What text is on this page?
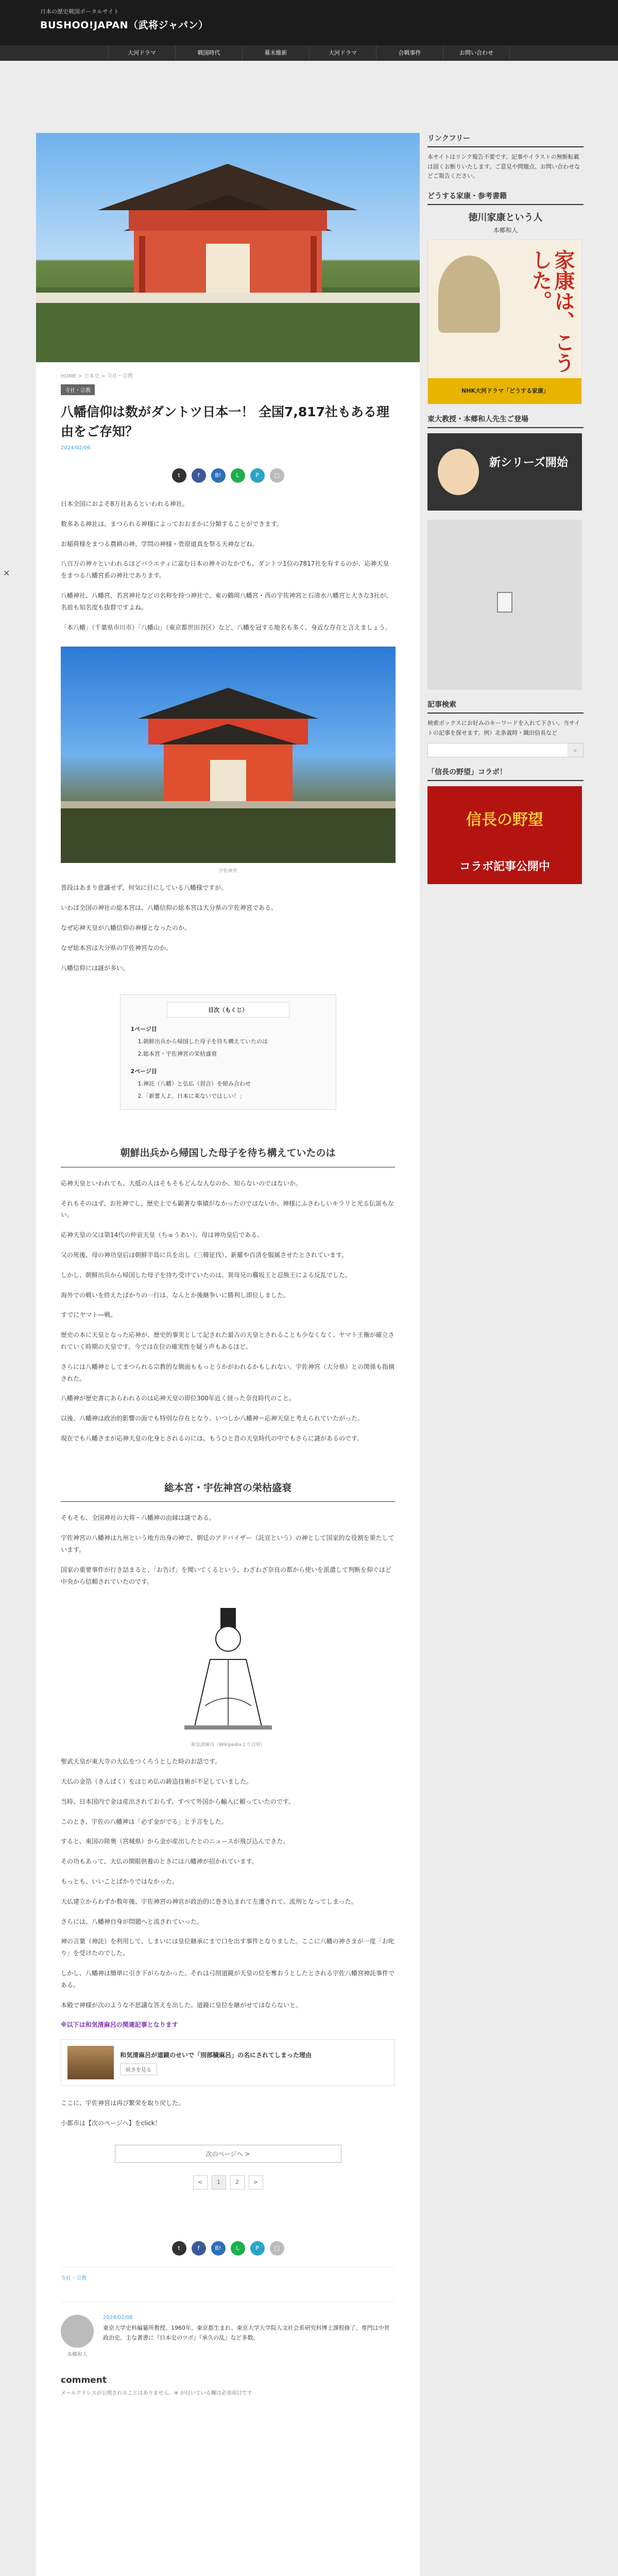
日本の歴史戦国ポータルサイト
BUSHOO!JAPAN（武将ジャパン）
大河ドラマ	戦国時代	幕末維新	大河ドラマ	合戦事件	お問い合わせ
✕
HOME > 日本史 > 寺社・宗教
寺社・宗教
八幡信仰は数がダントツ日本一！ 全国7,817社もある理由をご存知？
2024/02/06
t	f	B!	L	P	□

日本全国におよそ8万社あるといわれる神社。

数多ある神社は、まつられる神様によっておおまかに分類することができます。

お稲荷様をまつる農耕の神、学問の神様・菅原道真を祭る天神などね。

八百万の神々といわれるほどバラエティに富む日本の神々のなかでも、ダントツ1位の7817社を有するのが、応神天皇をまつる八幡宮系の神社であります。

八幡神社、八幡宮、若宮神社などの名称を持つ神社で、東の鶴岡八幡宮・西の宇佐神宮と石清水八幡宮と大きな3社が、名前も知名度も抜群ですよね。

「本八幡」（千葉県市川市）「八幡山」（東京都世田谷区）など、八幡を冠する地名も多く、身近な存在と言えましょう。

宇佐神宮

普段はあまり意識せず、何気に目にしている八幡様ですが。

いわば全国の神社の総本宮は、八幡信仰の総本宮は大分県の宇佐神宮である。

なぜ応神天皇が八幡信仰の神様となったのか。

なぜ総本宮は大分県の宇佐神宮なのか。

八幡信仰には謎が多い。

目次（もくじ）
1ページ目
1.朝鮮出兵から帰国した母子を待ち構えていたのは
2.総本宮・宇佐神宮の栄枯盛衰
2ページ目
1.神託（八幡）と弘仏（習合）を組み合わせ
2.「新嘗人よ、日本に来ないではしい！」
朝鮮出兵から帰国した母子を待ち構えていたのは

応神天皇といわれても、大抵の人はそもそもどんな人なのか、知らないのではないか。

それもそのはず、お社神でし、歴史上でも顕著な事績がなかったのではないか、神様にふさわしいキラリと光る伝説もない。

応神天皇の父は第14代の仲哀天皇（ちゅうあい）、母は神功皇后である。

父の死後、母の神功皇后は朝鮮半島に兵を出し（三韓征伐）、新羅や百済を服属させたとされています。

しかし、朝鮮出兵から帰国した母子を待ち受けていたのは、異母兄の麛坂王と忍熊王による反乱でした。

海外での戦いを終えたばかりの一行は、なんとか後継争いに勝利し即位しました。

すでにヤマト―戦。

歴史の本に天皇となった応神が、歴史的事実として記された最古の天皇とされることも少なくなく、ヤマト王権が確立されていく時期の天皇です。今では在位の確実性を疑う声もあるほど。

さらには八幡神としてまつられる宗教的な側面ももっとうかがわれるかもしれない。宇佐神宮（大分県）との関係も指摘された。

八幡神が歴史書にあらわれるのは応神天皇の即位300年近く経った奈良時代のこと。

以後、八幡神は政治的影響の面でも特別な存在となり、いつしか八幡神＝応神天皇と考えられていたがった。

現在でも八幡さまが応神天皇の化身とされるのには、もうひと昔の天皇時代の中でもさらに謎があるのです。

総本宮・宇佐神宮の栄枯盛衰

そもそも、全国神社の大将・八幡神の由縁は謎である。

宇佐神宮の八幡神は九州という地方出身の神で、朝廷のアドバイザー（託宣という）の神として国家的な役割を果たしています。

国家の重要事件が行き詰まると、「お告げ」を聞いてくるという、わざわざ奈良の都から使いを派遣して判断を仰ぐほど中央から信頼されていたのです。

和気清麻呂（Wikipediaより引用）

聖武天皇が東大寺の大仏をつくろうとした時のお話です。

大仏の金箔（きんぱく）をはじめ仏の鋳造技術が不足していました。

当時、日本国内で金は産出されておらず、すべて外国から輸入に頼っていたのです。

このとき、宇佐の八幡神は「必ず金がでる」と予言をした。

すると、東国の陸奥（宮城県）から金が産出したとのニュースが飛び込んできた。

その功もあって、大仏の開眼供養のときには八幡神が招かれています。

もっとも、いいことばかりではなかった。

大仏建立からわずか数年後、宇佐神宮の神官が政治的に巻き込まれて左遷されて、流刑となってしまった。

さらには、八幡神自身が問題へと流されていった。

神の言葉（神託）を利用して、しまいには皇位継承にまで口を出す事件となりました。ここに八幡の神さまが一度「お叱り」を受けたのでした。

しかし、八幡神は簡単に引き下がらなかった。それは弓削道鏡が天皇の位を奪おうとしたとされる宇佐八幡宮神託事件である。

本殿で神様が次のような不思議な答えを出した。道鏡に皇位を継がせてはならないと。

※以下は和気清麻呂の関連記事となります

和気清麻呂が道鏡のせいで「別部穢麻呂」の名にされてしまった理由
続きを見る

ここに、宇佐神宮は再び繁栄を取り戻した。

小都市は【次のページへ】をclick！

次のページへ >
<	1	2	>
t	f	B!	L	P	□
寺社・宗教
本郷和人
2024/02/08
東京大学史料編纂所教授。1960年、東京都生まれ。東京大学大学院人文社会系研究科博士課程修了。専門は中世政治史。主な著書に『日本史のツボ』『承久の乱』など多数。
comment
メールアドレスが公開されることはありません。※ が付いている欄は必須項目です
リンクフリー
本サイトはリンク報告不要です。記事やイラストの無断転載は固くお断りいたします。ご意見や問題点、お問い合わせなどご報告ください。
どうする家康・参考書籍
徳川家康という人
本郷和人
家康は、こうした。
NHK大河ドラマ「どうする家康」
東大教授・本郷和人先生ご登場
新シリーズ開始
記事検索
検索ボックスにお好みのキーワードを入れて下さい。当サイトの記事を探せます。例）北条義時・織田信長など
⌕
「信長の野望」コラボ！
信長の野望
コラボ記事公開中
